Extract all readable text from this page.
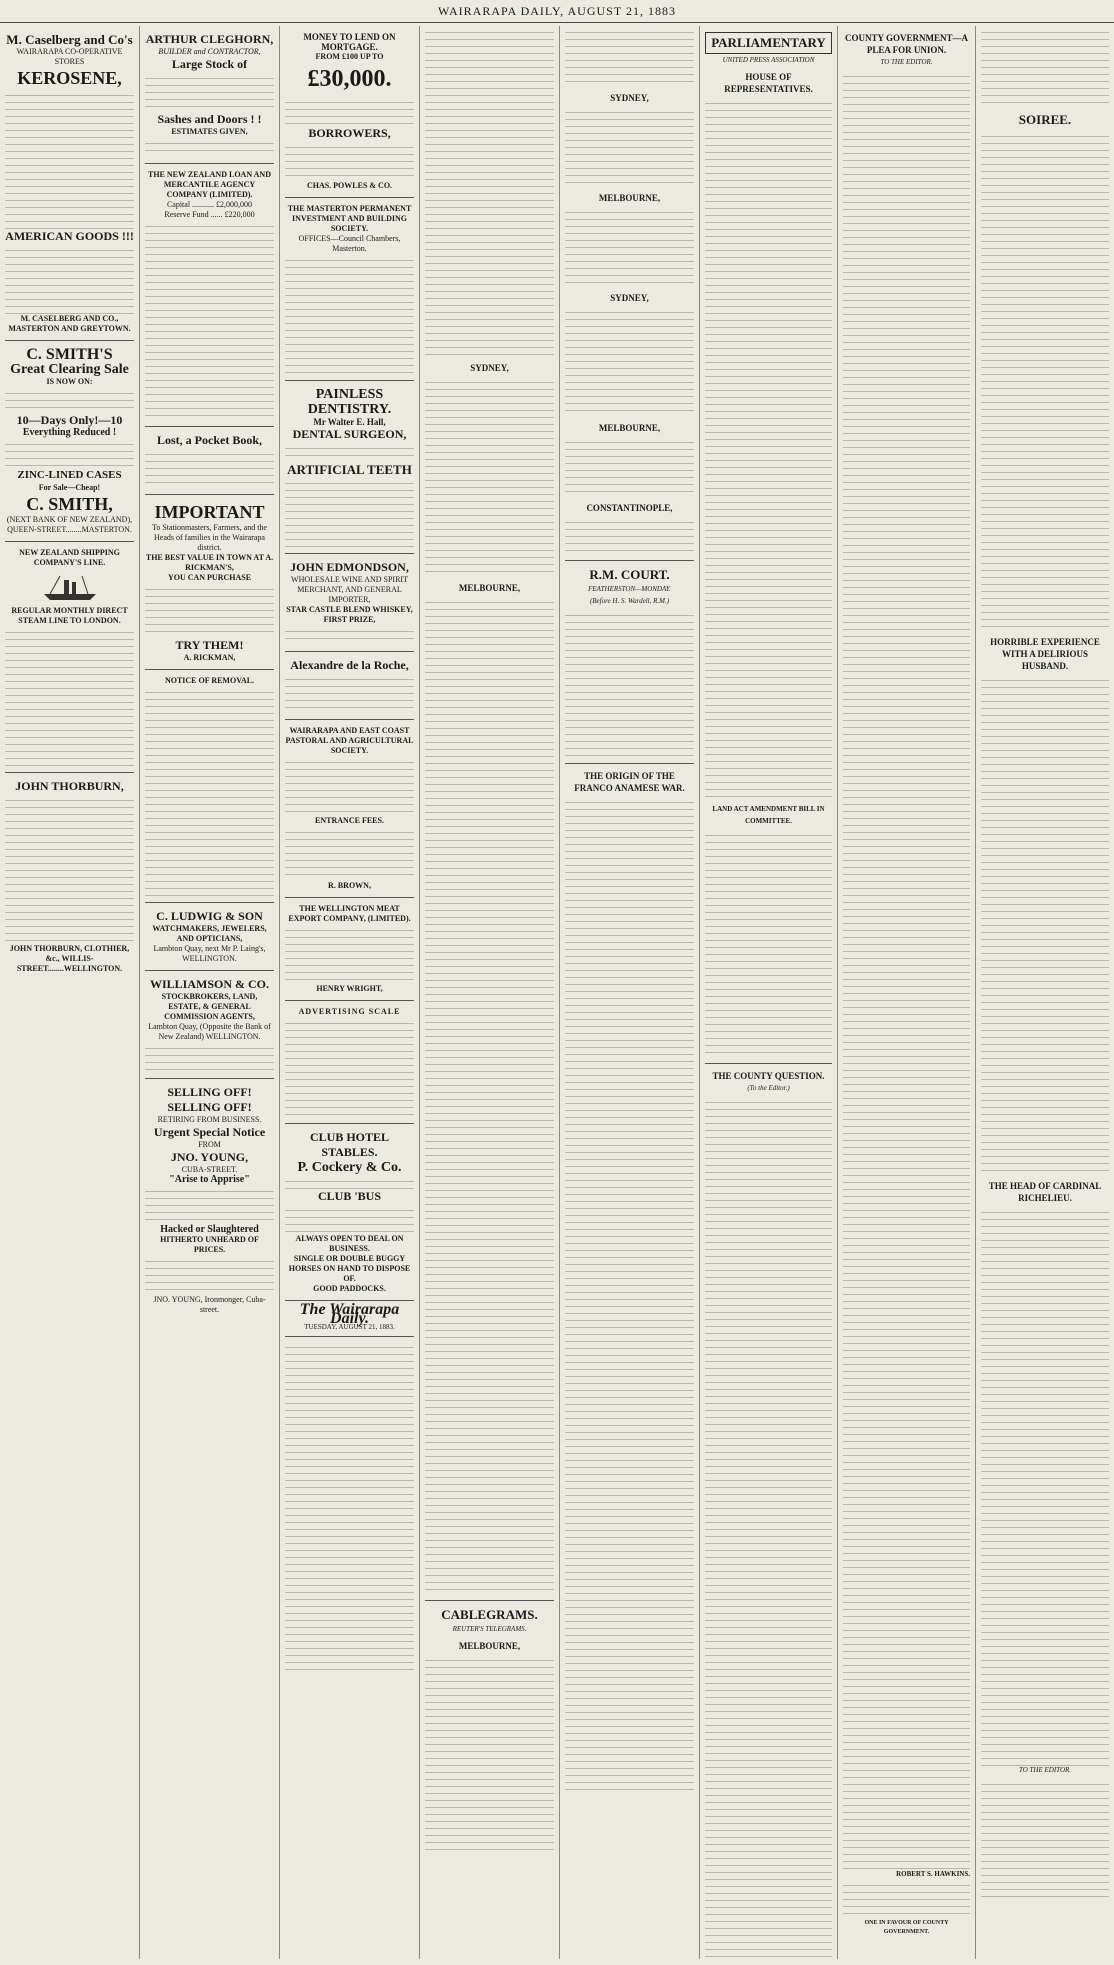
WAIRARAPA DAILY, AUGUST 21, 1883
M. Caselberg and Co's
WAIRARAPA CO-OPERATIVE STORES
KEROSENE,
AMERICAN GOODS !!!
M. CASELBERG AND CO., MASTERTON AND GREYTOWN.
C. SMITH'S
Great Clearing Sale
IS NOW ON:
10—Days Only!—10
Everything Reduced !
ZINC-LINED CASES
For Sale—Cheap!
C. SMITH,
(NEXT BANK OF NEW ZEALAND),
QUEEN-STREET........MASTERTON.
NEW ZEALAND SHIPPING COMPANY'S LINE.
REGULAR MONTHLY DIRECT STEAM LINE TO LONDON.
JOHN THORBURN,
JOHN THORBURN, CLOTHIER, &c., WILLIS-STREET........WELLINGTON.
ARTHUR CLEGHORN,
BUILDER and CONTRACTOR,
Large Stock of
Sashes and Doors ! !
ESTIMATES GIVEN,
THE NEW ZEALAND LOAN AND MERCANTILE AGENCY COMPANY (LIMITED).
Capital ........... £2,000,000
Reserve Fund ...... £220,000
Lost, a Pocket Book,
IMPORTANT
To Stationmasters, Farmers, and the Heads of families in the Wairarapa district.
THE BEST VALUE IN TOWN AT A. RICKMAN'S,
YOU CAN PURCHASE
TRY THEM!
A. RICKMAN,
NOTICE OF REMOVAL.
C. LUDWIG & SON
WATCHMAKERS, JEWELERS, AND OPTICIANS,
Lambton Quay, next Mr P. Laing's, WELLINGTON.
WILLIAMSON & CO.
STOCKBROKERS, LAND, ESTATE, & GENERAL COMMISSION AGENTS,
Lambton Quay, (Opposite the Bank of New Zealand) WELLINGTON.
SELLING OFF! SELLING OFF!
RETIRING FROM BUSINESS.
Urgent Special Notice
FROM
JNO. YOUNG,
CUBA-STREET.
"Arise to Apprise"
Hacked or Slaughtered
HITHERTO UNHEARD OF PRICES.
JNO. YOUNG, Ironmonger, Cuba-street.
MONEY TO LEND ON MORTGAGE.
FROM £100 UP TO
£30,000.
BORROWERS,
CHAS. POWLES & CO.
THE MASTERTON PERMANENT INVESTMENT AND BUILDING SOCIETY.
OFFICES—Council Chambers, Masterton.
PAINLESS DENTISTRY.
Mr Walter E. Hall,
DENTAL SURGEON,
ARTIFICIAL TEETH
JOHN EDMONDSON,
WHOLESALE WINE AND SPIRIT MERCHANT, AND GENERAL IMPORTER,
STAR CASTLE BLEND WHISKEY, FIRST PRIZE,
Alexandre de la Roche,
WAIRARAPA AND EAST COAST PASTORAL AND AGRICULTURAL SOCIETY.
ENTRANCE FEES.
R. BROWN,
THE WELLINGTON MEAT EXPORT COMPANY, (LIMITED).
HENRY WRIGHT,
ADVERTISING SCALE
CLUB HOTEL STABLES.
P. Cockery & Co.
CLUB 'BUS
ALWAYS OPEN TO DEAL ON BUSINESS.
SINGLE OR DOUBLE BUGGY HORSES ON HAND TO DISPOSE OF.
GOOD PADDOCKS.
The Wairarapa Daily.
TUESDAY, AUGUST 21, 1883.
SYDNEY,
MELBOURNE,
CABLEGRAMS.
REUTER'S TELEGRAMS.
MELBOURNE,
SYDNEY,
MELBOURNE,
SYDNEY,
MELBOURNE,
CONSTANTINOPLE,
R.M. COURT.
FEATHERSTON—MONDAY.
(Before H. S. Wardell, R.M.)
THE ORIGIN OF THE FRANCO ANAMESE WAR.
PARLIAMENTARY
UNITED PRESS ASSOCIATION
HOUSE OF REPRESENTATIVES.
LAND ACT AMENDMENT BILL IN COMMITTEE.
THE COUNTY QUESTION.
(To the Editor.)
COUNTY GOVERNMENT—A PLEA FOR UNION.
TO THE EDITOR.
ROBERT S. HAWKINS.
ONE IN FAVOUR OF COUNTY GOVERNMENT.
SOIREE.
HORRIBLE EXPERIENCE WITH A DELIRIOUS HUSBAND.
THE HEAD OF CARDINAL RICHELIEU.
TO THE EDITOR.
